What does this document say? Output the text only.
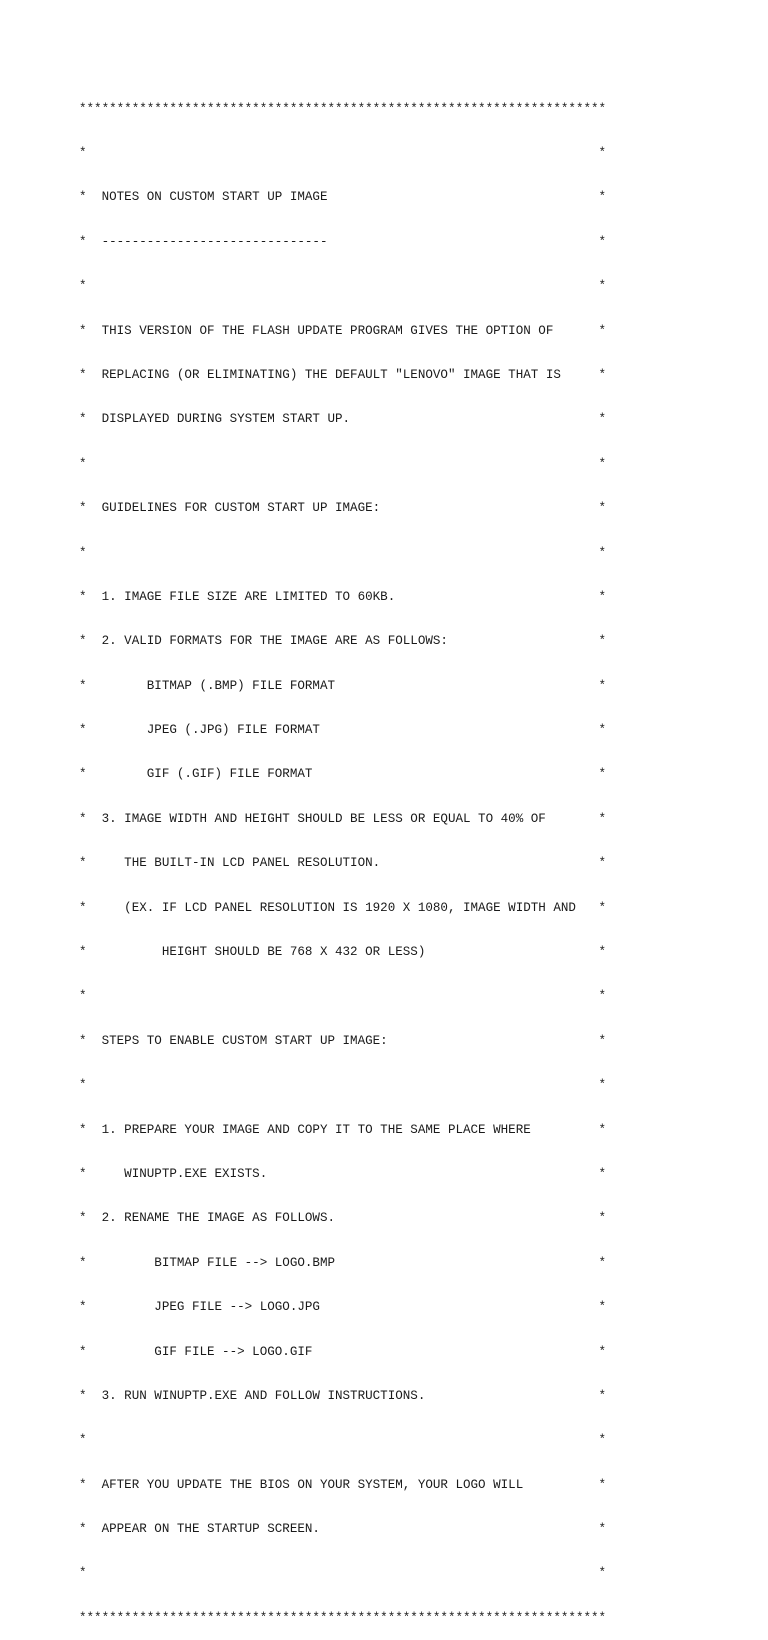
**********************************************************************

*                                                                    *

*  NOTES ON CUSTOM START UP IMAGE                                    *

*  ------------------------------                                    *

*                                                                    *

*  THIS VERSION OF THE FLASH UPDATE PROGRAM GIVES THE OPTION OF      *

*  REPLACING (OR ELIMINATING) THE DEFAULT "LENOVO" IMAGE THAT IS     *

*  DISPLAYED DURING SYSTEM START UP.                                 *

*                                                                    *

*  GUIDELINES FOR CUSTOM START UP IMAGE:                             *

*                                                                    *

*  1. IMAGE FILE SIZE ARE LIMITED TO 60KB.                           *

*  2. VALID FORMATS FOR THE IMAGE ARE AS FOLLOWS:                    *

*        BITMAP (.BMP) FILE FORMAT                                   *

*        JPEG (.JPG) FILE FORMAT                                     *

*        GIF (.GIF) FILE FORMAT                                      *

*  3. IMAGE WIDTH AND HEIGHT SHOULD BE LESS OR EQUAL TO 40% OF       *

*     THE BUILT-IN LCD PANEL RESOLUTION.                             *

*     (EX. IF LCD PANEL RESOLUTION IS 1920 X 1080, IMAGE WIDTH AND   *

*          HEIGHT SHOULD BE 768 X 432 OR LESS)                       *

*                                                                    *

*  STEPS TO ENABLE CUSTOM START UP IMAGE:                            *

*                                                                    *

*  1. PREPARE YOUR IMAGE AND COPY IT TO THE SAME PLACE WHERE         *

*     WINUPTP.EXE EXISTS.                                            *

*  2. RENAME THE IMAGE AS FOLLOWS.                                   *

*         BITMAP FILE --> LOGO.BMP                                   *

*         JPEG FILE --> LOGO.JPG                                     *

*         GIF FILE --> LOGO.GIF                                      *

*  3. RUN WINUPTP.EXE AND FOLLOW INSTRUCTIONS.                       *

*                                                                    *

*  AFTER YOU UPDATE THE BIOS ON YOUR SYSTEM, YOUR LOGO WILL          *

*  APPEAR ON THE STARTUP SCREEN.                                     *

*                                                                    *

**********************************************************************
